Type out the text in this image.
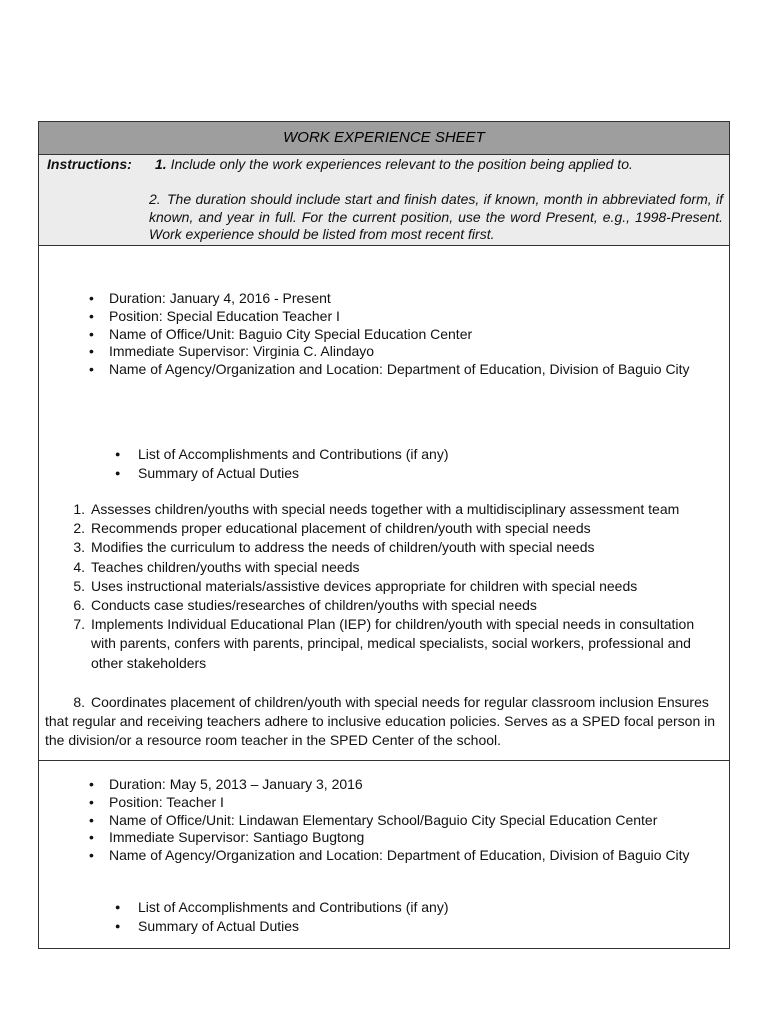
WORK EXPERIENCE SHEET
Instructions: 1. Include only the work experiences relevant to the position being applied to.
2. The duration should include start and finish dates, if known, month in abbreviated form, if known, and year in full. For the current position, use the word Present, e.g., 1998-Present. Work experience should be listed from most recent first.
• Duration: January 4, 2016 - Present
• Position: Special Education Teacher I
• Name of Office/Unit: Baguio City Special Education Center
• Immediate Supervisor: Virginia C. Alindayo
• Name of Agency/Organization and Location: Department of Education, Division of Baguio City
● List of Accomplishments and Contributions (if any)
● Summary of Actual Duties
1. Assesses children/youths with special needs together with a multidisciplinary assessment team
2. Recommends proper educational placement of children/youth with special needs
3. Modifies the curriculum to address the needs of children/youth with special needs
4. Teaches children/youths with special needs
5. Uses instructional materials/assistive devices appropriate for children with special needs
6. Conducts case studies/researches of children/youths with special needs
7. Implements Individual Educational Plan (IEP) for children/youth with special needs in consultation with parents, confers with parents, principal, medical specialists, social workers, professional and other stakeholders
8. Coordinates placement of children/youth with special needs for regular classroom inclusion Ensures that regular and receiving teachers adhere to inclusive education policies. Serves as a SPED focal person in the division/or a resource room teacher in the SPED Center of the school.
• Duration: May 5, 2013 – January 3, 2016
• Position: Teacher I
• Name of Office/Unit: Lindawan Elementary School/Baguio City Special Education Center
• Immediate Supervisor: Santiago Bugtong
• Name of Agency/Organization and Location: Department of Education, Division of Baguio City
● List of Accomplishments and Contributions (if any)
● Summary of Actual Duties
